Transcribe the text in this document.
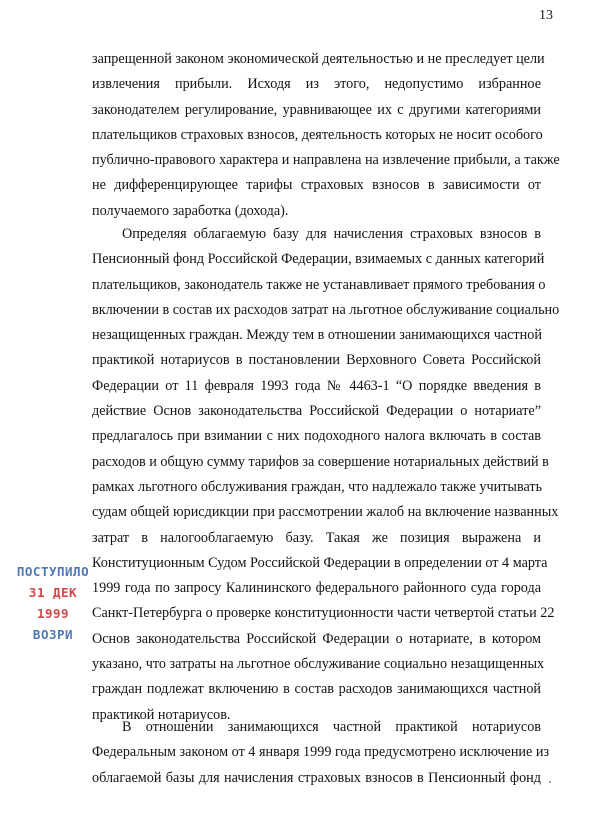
13
запрещенной законом экономической деятельностью и не преследует цели
извлечения прибыли. Исходя из этого, недопустимо избранное
законодателем регулирование, уравнивающее их с другими категориями
плательщиков страховых взносов, деятельность которых не носит особого
публично-правового характера и направлена на извлечение прибыли, а также
не дифференцирующее тарифы страховых взносов в зависимости от
получаемого заработка (дохода).
Определяя облагаемую базу для начисления страховых взносов в
Пенсионный фонд Российской Федерации, взимаемых с данных категорий
плательщиков, законодатель также не устанавливает прямого требования о
включении в состав их расходов затрат на льготное обслуживание социально
незащищенных граждан. Между тем в отношении занимающихся частной
практикой нотариусов в постановлении Верховного Совета Российской
Федерации от 11 февраля 1993 года № 4463-1 “О порядке введения в
действие Основ законодательства Российской Федерации о нотариате”
предлагалось при взимании с них подоходного налога включать в состав
расходов и общую сумму тарифов за совершение нотариальных действий в
рамках льготного обслуживания граждан, что надлежало также учитывать
судам общей юрисдикции при рассмотрении жалоб на включение названных
затрат в налогооблагаемую базу. Такая же позиция выражена и
Конституционным Судом Российской Федерации в определении от 4 марта
1999 года по запросу Калининского федерального районного суда города
Санкт-Петербурга о проверке конституционности части четвертой статьи 22
Основ законодательства Российской Федерации о нотариате, в котором
указано, что затраты на льготное обслуживание социально незащищенных
граждан подлежат включению в состав расходов занимающихся частной
практикой нотариусов.
В отношении занимающихся частной практикой нотариусов
Федеральным законом от 4 января 1999 года предусмотрено исключение из
облагаемой базы для начисления страховых взносов в Пенсионный фонд
ПОСТУПИЛО
31 ДЕК 1999
ВОЗРИ
